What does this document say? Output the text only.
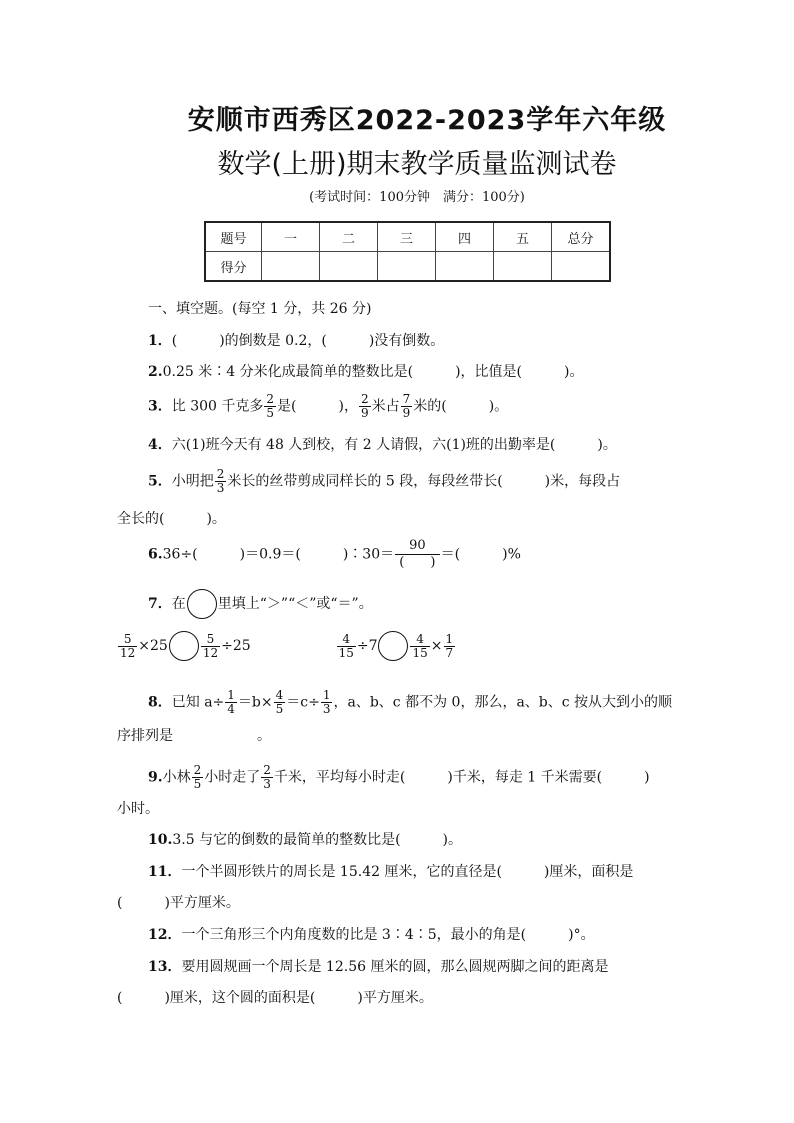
安顺市西秀区2022-2023学年六年级
数学(上册)期末教学质量监测试卷
(考试时间：100分钟　满分：100分)
题号	一	二	三	四	五	总分
得分						
一、填空题。(每空 1 分，共 26 分)
1．(　　　)的倒数是 0.2，(　　　)没有倒数。
2.0.25 米∶4 分米化成最简单的整数比是(　　　)，比值是(　　　)。
3．比 300 千克多 $\frac{2}{5}$ 是(　　　)， $\frac{2}{9}$ 米占 $\frac{7}{9}$ 米的(　　　)。
4．六(1)班今天有 48 人到校，有 2 人请假，六(1)班的出勤率是(　　　)。
5．小明把 $\frac{2}{3}$ 米长的丝带剪成同样长的 5 段，每段丝带长(　　　)米，每段占
全长的(　　　)。
6.36÷(　　　)＝0.9＝(　　　)∶30＝ $\frac{90}{( )}$ ＝(　　　)%
7．在 里填上“＞”“＜”或“＝”。
$\frac{5}{12} \times 25$	$\frac{5}{12} \div 25$	$\frac{4}{15} \div 7$	$\frac{4}{15} \times \frac{1}{7}$
8．已知 $a\div \frac{1}{4} =b\times \frac{4}{5} =c\div \frac{1}{3}$ ，a、b、c 都不为 0，那么，a、b、c 按从大到小的顺
序排列是　　　　　　。
9.小林 $\frac{2}{5}$ 小时走了 $\frac{2}{3}$ 千米，平均每小时走(　　　)千米，每走 1 千米需要(　　　)
小时。
10.3.5 与它的倒数的最简单的整数比是(　　　)。
11．一个半圆形铁片的周长是 15.42 厘米，它的直径是(　　　)厘米，面积是
(　　　)平方厘米。
12．一个三角形三个内角度数的比是 3∶4∶5，最小的角是(　　　)°。
13．要用圆规画一个周长是 12.56 厘米的圆，那么圆规两脚之间的距离是
(　　　)厘米，这个圆的面积是(　　　)平方厘米。
